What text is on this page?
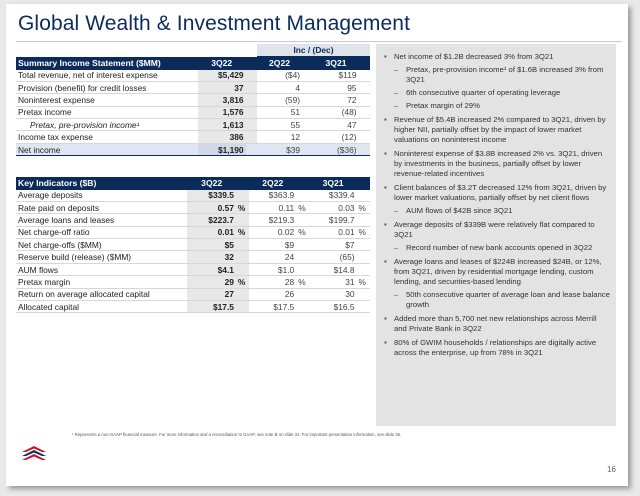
Global Wealth & Investment Management
			Inc / (Dec)			
Summary Income Statement ($MM)	3Q22		2Q22		3Q21	
Total revenue, net of interest expense	$5,429		($4)		$119	
Provision (benefit) for credit losses	37		4		95	
Noninterest expense	3,816		(59)		72	
Pretax income	1,576		51		(48)	
Pretax, pre-provision income¹	1,613		55		47	
Income tax expense	386		12		(12)	
Net income	$1,190		$39		($36)	
Key Indicators ($B)	3Q22		2Q22		3Q21	
Average deposits	$339.5		$363.9		$339.4	
Rate paid on deposits	0.57	%	0.11	%	0.03	%
Average loans and leases	$223.7		$219.3		$199.7	
Net charge-off ratio	0.01	%	0.02	%	0.01	%
Net charge-offs ($MM)	$5		$9		$7	
Reserve build (release) ($MM)	32		24		(65)	
AUM flows	$4.1		$1.0		$14.8	
Pretax margin	29	%	28	%	31	%
Return on average allocated capital	27		26		30	
Allocated capital	$17.5		$17.5		$16.5	
▪ Net income of $1.2B decreased 3% from 3Q21
– Pretax, pre-provision income¹ of $1.6B increased 3% from 3Q21
– 6th consecutive quarter of operating leverage
– Pretax margin of 29%
▪ Revenue of $5.4B increased 2% compared to 3Q21, driven by higher NII, partially offset by the impact of lower market valuations on noninterest income
▪ Noninterest expense of $3.8B increased 2% vs. 3Q21, driven by investments in the business, partially offset by lower revenue-related incentives
▪ Client balances of $3.2T decreased 12% from 3Q21, driven by lower market valuations, partially offset by net client flows
– AUM flows of $42B since 3Q21
▪ Average deposits of $339B were relatively flat compared to 3Q21
– Record number of new bank accounts opened in 3Q22
▪ Average loans and leases of $224B increased $24B, or 12%, from 3Q21, driven by residential mortgage lending, custom lending, and securities-based lending
– 50th consecutive quarter of average loan and lease balance growth
▪ Added more than 5,700 net new relationships across Merrill and Private Bank in 3Q22
▪ 80% of GWIM households / relationships are digitally active across the enterprise, up from 78% in 3Q21
¹ Represents a non-GAAP financial measure. For more information and a reconciliation to GAAP, see note B on slide 32. For important presentation information, see slide 35.
16
